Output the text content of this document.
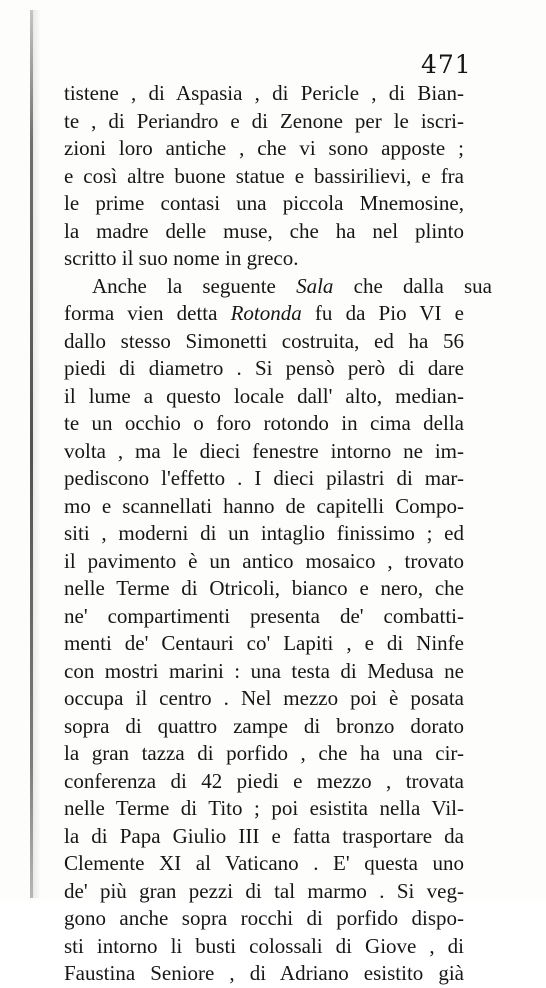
471
tistene , di Aspasia , di Pericle , di Bian-
te , di Periandro e di Zenone per le iscri-
zioni loro antiche , che vi sono apposte ;
e così altre buone statue e bassirilievi, e fra
le prime contasi una piccola Mnemosine,
la madre delle muse, che ha nel plinto
scritto il suo nome in greco.
Anche la seguente Sala che dalla sua
forma vien detta Rotonda fu da Pio VI e
dallo stesso Simonetti costruita, ed ha 56
piedi di diametro . Si pensò però di dare
il lume a questo locale dall' alto, median-
te un occhio o foro rotondo in cima della
volta , ma le dieci fenestre intorno ne im-
pediscono l'effetto . I dieci pilastri di mar-
mo e scannellati hanno de capitelli Compo-
siti , moderni di un intaglio finissimo ; ed
il pavimento è un antico mosaico , trovato
nelle Terme di Otricoli, bianco e nero, che
ne' compartimenti presenta de' combatti-
menti de' Centauri co' Lapiti , e di Ninfe
con mostri marini : una testa di Medusa ne
occupa il centro . Nel mezzo poi è posata
sopra di quattro zampe di bronzo dorato
la gran tazza di porfido , che ha una cir-
conferenza di 42 piedi e mezzo , trovata
nelle Terme di Tito ; poi esistita nella Vil-
la di Papa Giulio III e fatta trasportare da
Clemente XI al Vaticano . E' questa uno
de' più gran pezzi di tal marmo . Si veg-
gono anche sopra rocchi di porfido dispo-
sti intorno li busti colossali di Giove , di
Faustina Seniore , di Adriano esistito già
